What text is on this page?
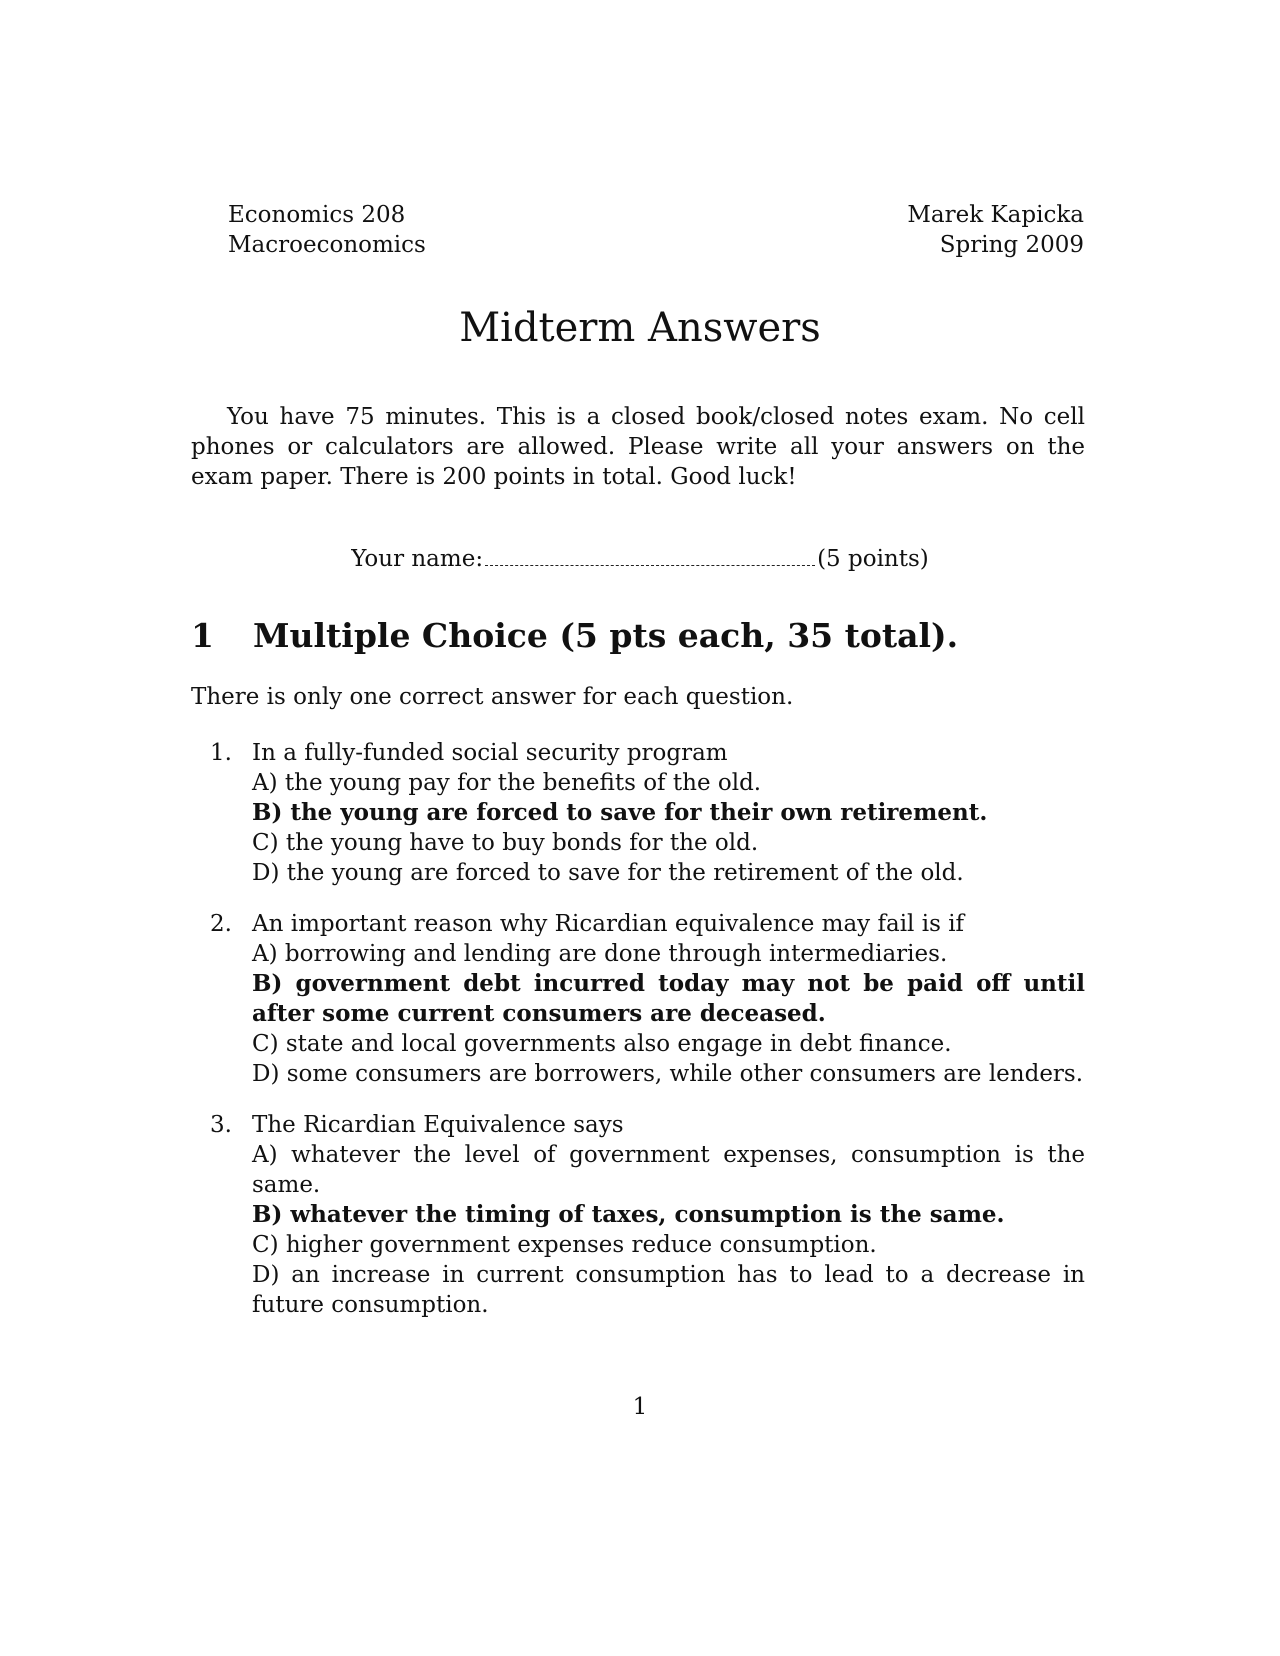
Economics 208
Macroeconomics
Marek Kapicka
Spring 2009
Midterm Answers
You have 75 minutes. This is a closed book/closed notes exam. No cell phones or calculators are allowed. Please write all your answers on the exam paper. There is 200 points in total. Good luck!
Your name:	(5 points)
1 Multiple Choice (5 pts each, 35 total).
There is only one correct answer for each question.
1. In a fully-funded social security program
A) the young pay for the benefits of the old.
B) the young are forced to save for their own retirement.
C) the young have to buy bonds for the old.
D) the young are forced to save for the retirement of the old.
2. An important reason why Ricardian equivalence may fail is if
A) borrowing and lending are done through intermediaries.
B) government debt incurred today may not be paid off until after some current consumers are deceased.
C) state and local governments also engage in debt finance.
D) some consumers are borrowers, while other consumers are lenders.
3. The Ricardian Equivalence says
A) whatever the level of government expenses, consumption is the same.
B) whatever the timing of taxes, consumption is the same.
C) higher government expenses reduce consumption.
D) an increase in current consumption has to lead to a decrease in future consumption.
1
